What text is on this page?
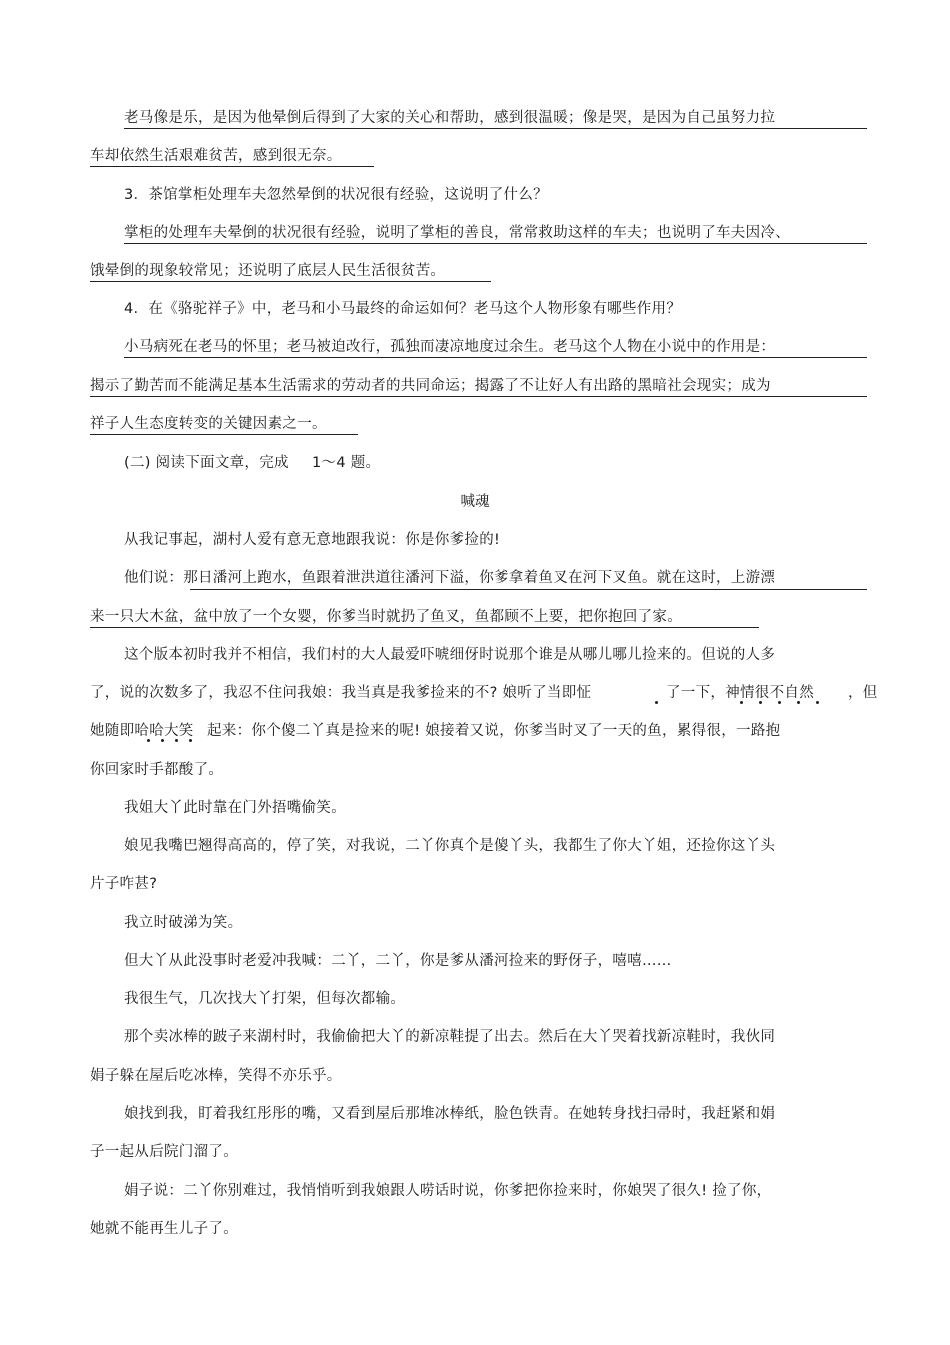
老马像是乐，是因为他晕倒后得到了大家的关心和帮助，感到很温暖；像是哭，是因为自己虽努力拉
车却依然生活艰难贫苦，感到很无奈。
3．茶馆掌柜处理车夫忽然晕倒的状况很有经验，这说明了什么？
掌柜的处理车夫晕倒的状况很有经验，说明了掌柜的善良，常常救助这样的车夫；也说明了车夫因冷、
饿晕倒的现象较常见；还说明了底层人民生活很贫苦。
4．在《骆驼祥子》中，老马和小马最终的命运如何？老马这个人物形象有哪些作用？
小马病死在老马的怀里；老马被迫改行，孤独而凄凉地度过余生。老马这个人物在小说中的作用是：
揭示了勤苦而不能满足基本生活需求的劳动者的共同命运；揭露了不让好人有出路的黑暗社会现实；成为
祥子人生态度转变的关键因素之一。
(二) 阅读下面文章，完成 1～4 题。
喊魂
从我记事起，湖村人爱有意无意地跟我说：你是你爹捡的!
他们说：那日潘河上跑水，鱼跟着泄洪道往潘河下溢，你爹拿着鱼叉在河下叉鱼。就在这时，上游漂
来一只大木盆，盆中放了一个女婴，你爹当时就扔了鱼叉，鱼都顾不上要，把你抱回了家。
这个版本初时我并不相信，我们村的大人最爱吓唬细伢时说那个谁是从哪儿哪儿捡来的。但说的人多
了，说的次数多了，我忍不住问我娘：我当真是我爹捡来的不? 娘听了当即怔	了一下，神情很不自然 ，但
她随即哈哈大笑 起来：你个傻二丫真是捡来的呢! 娘接着又说，你爹当时叉了一天的鱼，累得很，一路抱
你回家时手都酸了。
我姐大丫此时靠在门外捂嘴偷笑。
娘见我嘴巴翘得高高的，停了笑，对我说，二丫你真个是傻丫头，我都生了你大丫姐，还捡你这丫头
片子咋甚?
我立时破涕为笑。
但大丫从此没事时老爱冲我喊：二丫，二丫，你是爹从潘河捡来的野伢子，嘻嘻……
我很生气，几次找大丫打架，但每次都输。
那个卖冰棒的跛子来湖村时，我偷偷把大丫的新凉鞋提了出去。然后在大丫哭着找新凉鞋时，我伙同
娟子躲在屋后吃冰棒，笑得不亦乐乎。
娘找到我，盯着我红彤彤的嘴，又看到屋后那堆冰棒纸，脸色铁青。在她转身找扫帚时，我赶紧和娟
子一起从后院门溜了。
娟子说：二丫你别难过，我悄悄听到我娘跟人唠话时说，你爹把你捡来时，你娘哭了很久! 捡了你，
她就不能再生儿子了。
